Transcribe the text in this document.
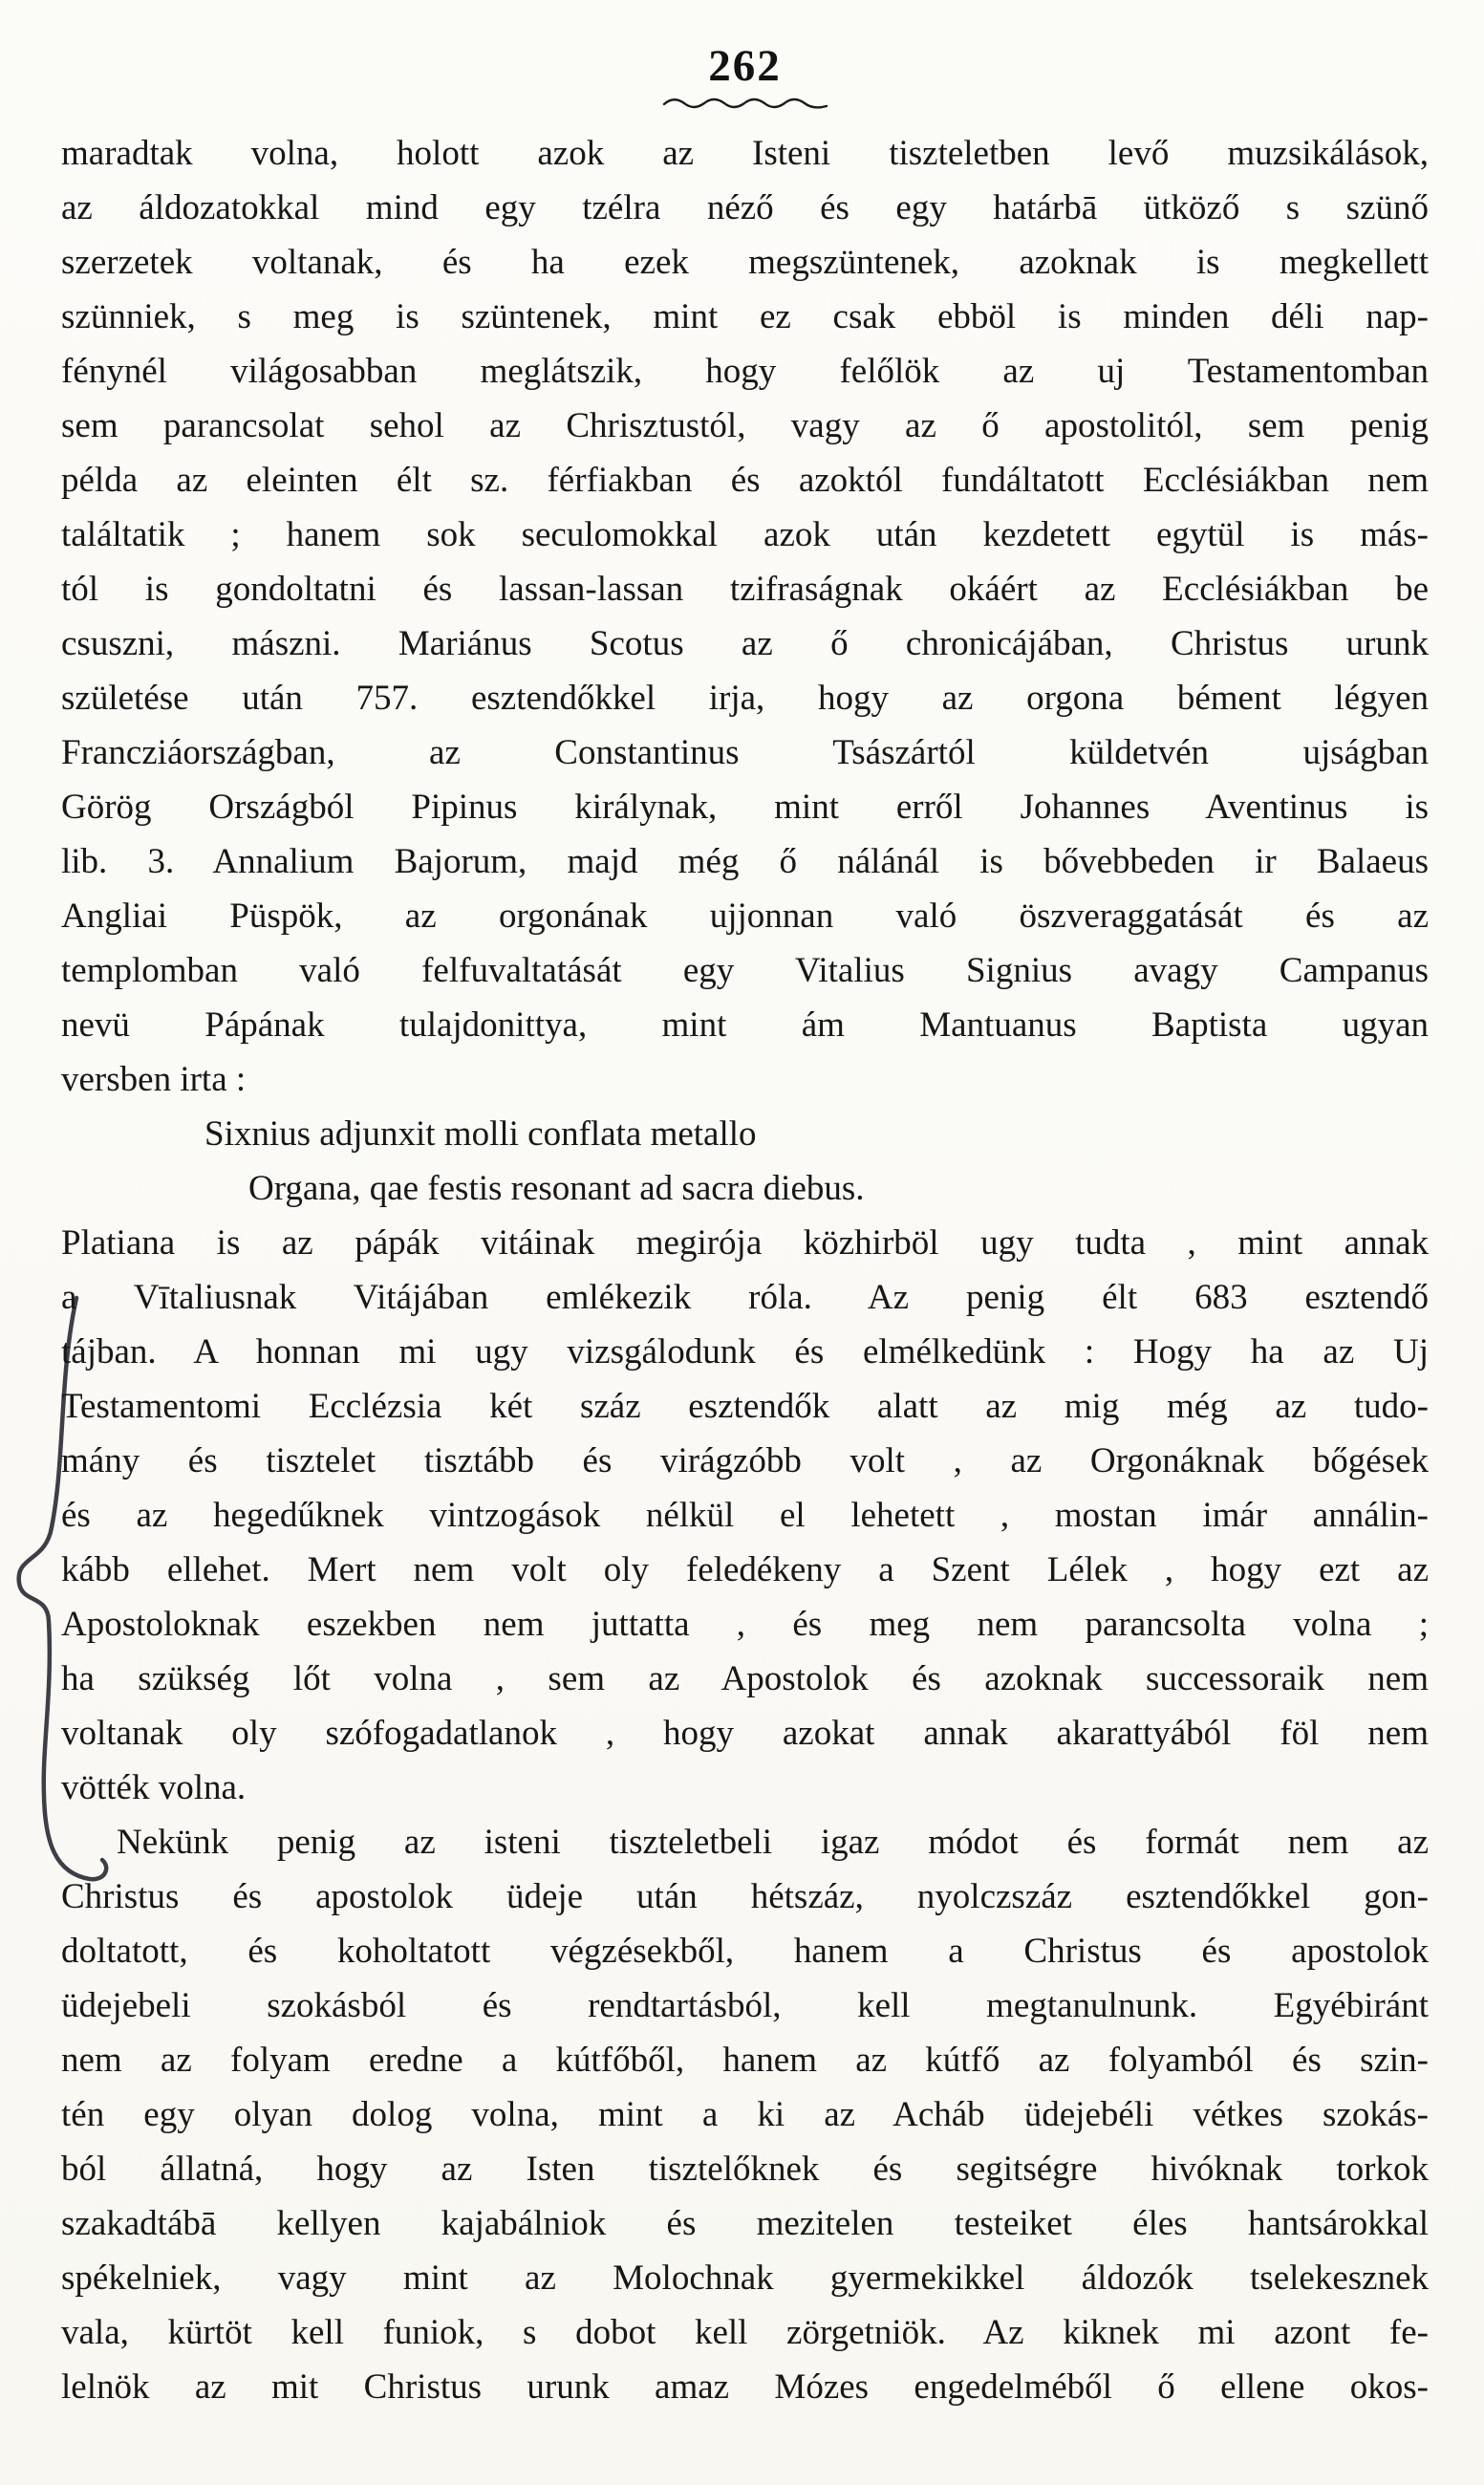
262
maradtak volna, holott azok az Isteni tiszteletben levő muzsikálások,
az áldozatokkal mind egy tzélra néző és egy határbā ütköző s szünő
szerzetek voltanak, és ha ezek megszüntenek, azoknak is megkellett
szünniek, s meg is szüntenek, mint ez csak ebböl is minden déli nap-
fénynél világosabban meglátszik, hogy felőlök az uj Testamentomban
sem parancsolat sehol az Chrisztustól, vagy az ő apostolitól, sem penig
példa az eleinten élt sz. férfiakban és azoktól fundáltatott Ecclésiákban nem
találtatik ; hanem sok seculomokkal azok után kezdetett egytül is más-
tól is gondoltatni és lassan-lassan tzifraságnak okáért az Ecclésiákban be
csuszni, mászni. Mariánus Scotus az ő chronicájában, Christus urunk
születése után 757. esztendőkkel irja, hogy az orgona bément légyen
Francziáországban, az Constantinus Tsászártól küldetvén ujságban
Görög Országból Pipinus királynak, mint erről Johannes Aventinus is
lib. 3. Annalium Bajorum, majd még ő nálánál is bővebbeden ir Balaeus
Angliai Püspök, az orgonának ujjonnan való öszveraggatását és az
templomban való felfuvaltatását egy Vitalius Signius avagy Campanus
nevü Pápának tulajdonittya, mint ám Mantuanus Baptista ugyan
versben irta :
Sixnius adjunxit molli conflata metallo
Organa, qae festis resonant ad sacra diebus.
Platiana is az pápák vitáinak megirója közhirböl ugy tudta , mint annak
a Vītaliusnak Vitájában emlékezik róla. Az penig élt 683 esztendő
tájban. A honnan mi ugy vizsgálodunk és elmélkedünk : Hogy ha az Uj
Testamentomi Ecclézsia két száz esztendők alatt az mig még az tudo-
mány és tisztelet tisztább és virágzóbb volt , az Orgonáknak bőgések
és az hegedűknek vintzogások nélkül el lehetett , mostan imár annálin-
kább ellehet. Mert nem volt oly feledékeny a Szent Lélek , hogy ezt az
Apostoloknak eszekben nem juttatta , és meg nem parancsolta volna ;
ha szükség lőt volna , sem az Apostolok és azoknak successoraik nem
voltanak oly szófogadatlanok , hogy azokat annak akarattyából föl nem
vötték volna.
Nekünk penig az isteni tiszteletbeli igaz módot és formát nem az
Christus és apostolok üdeje után hétszáz, nyolczszáz esztendőkkel gon-
doltatott, és koholtatott végzésekből, hanem a Christus és apostolok
üdejebeli szokásból és rendtartásból, kell megtanulnunk. Egyébiránt
nem az folyam eredne a kútfőből, hanem az kútfő az folyamból és szin-
tén egy olyan dolog volna, mint a ki az Acháb üdejebéli vétkes szokás-
ból állatná, hogy az Isten tisztelőknek és segitségre hivóknak torkok
szakadtábā kellyen kajabálniok és mezitelen testeiket éles hantsárokkal
spékelniek, vagy mint az Molochnak gyermekikkel áldozók tselekesznek
vala, kürtöt kell funiok, s dobot kell zörgetniök. Az kiknek mi azont fe-
lelnök az mit Christus urunk amaz Mózes engedelméből ő ellene okos-
